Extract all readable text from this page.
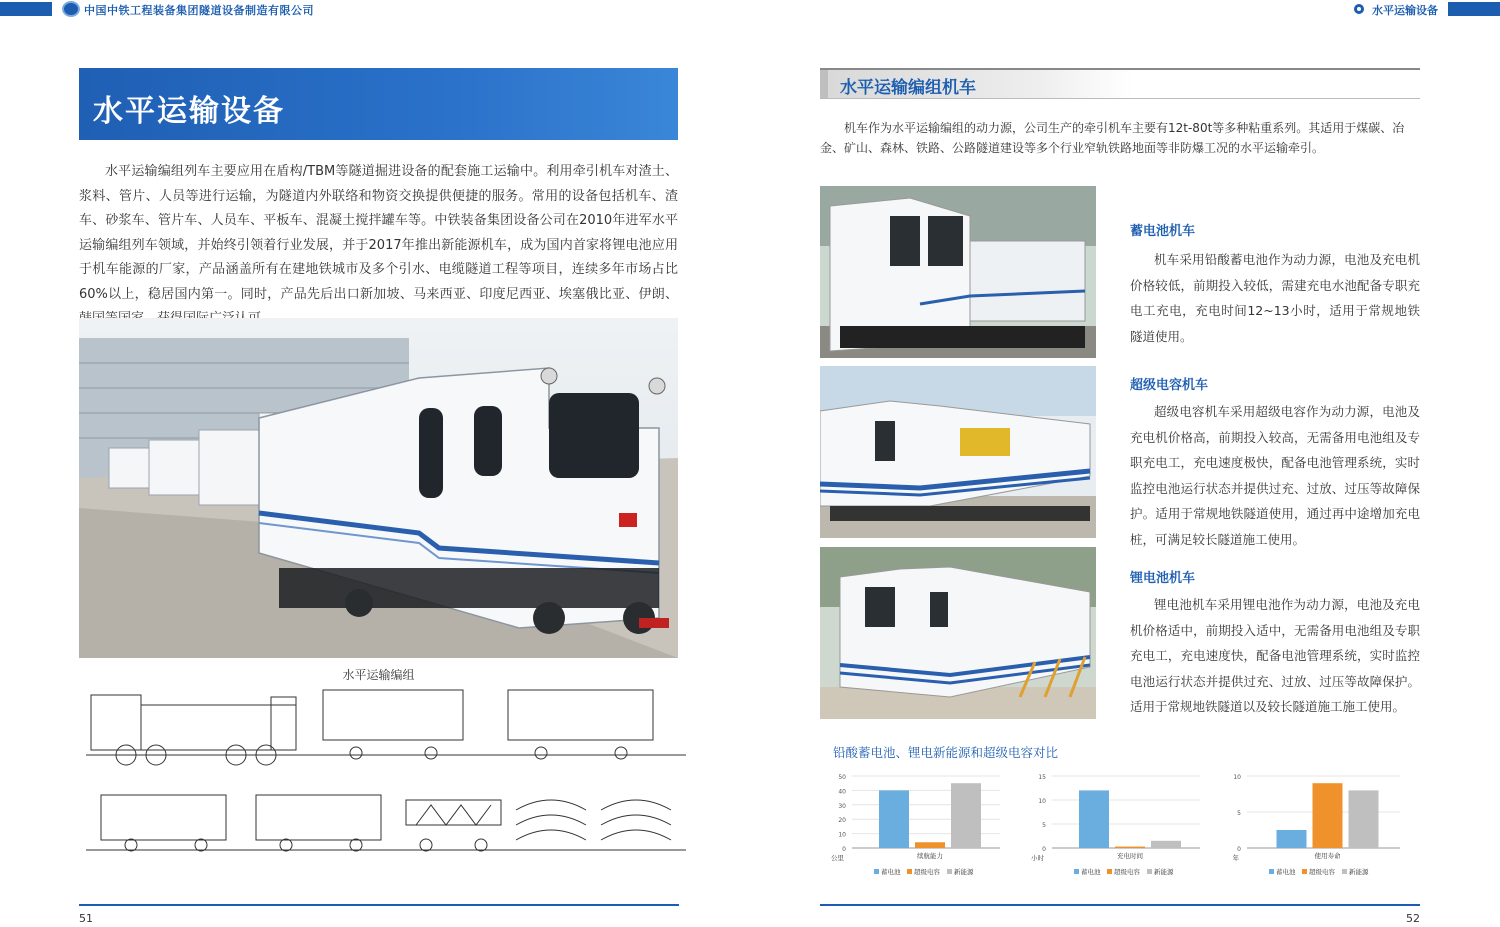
中国中铁工程装备集团隧道设备制造有限公司	水平运输设备
水平运输设备
水平运输编组列车主要应用在盾构/TBM等隧道掘进设备的配套施工运输中。利用牵引机车对渣土、浆料、管片、人员等进行运输，为隧道内外联络和物资交换提供便捷的服务。常用的设备包括机车、渣车、砂浆车、管片车、人员车、平板车、混凝土搅拌罐车等。中铁装备集团设备公司在2010年进军水平运输编组列车领域，并始终引领着行业发展，并于2017年推出新能源机车，成为国内首家将锂电池应用于机车能源的厂家，产品涵盖所有在建地铁城市及多个引水、电缆隧道工程等项目，连续多年市场占比60%以上，稳居国内第一。同时，产品先后出口新加坡、马来西亚、印度尼西亚、埃塞俄比亚、伊朗、
水平运输编组
51
水平运输编组机车
机车作为水平运输编组的动力源，公司生产的牵引机车主要有12t-80t等多种粘重系列。其适用于煤碳、冶金、矿山、森林、铁路、公路隧道建设等多个行业窄轨铁路地面等非防爆工况的水平运输牵引。
蓄电池机车
机车采用铅酸蓄电池作为动力源，电池及充电机价格较低，前期投入较低，需建充电水池配备专职充电工充电，充电时间12~13小时，适用于常规地铁隧道使用。
超级电容机车
超级电容机车采用超级电容作为动力源，电池及充电机价格高，前期投入较高，无需备用电池组及专职充电工，充电速度极快，配备电池管理系统，实时监控电池运行状态并提供过充、过放、过压等故障保护。适用于常规地铁隧道使用，通过再中途增加充电桩，可满足较长隧道施工使用。
锂电池机车
锂电池机车采用锂电池作为动力源，电池及充电机价格适中，前期投入适中，无需备用电池组及专职充电工，充电速度快，配备电池管理系统，实时监控电池运行状态并提供过充、过放、过压等故障保护。适用于常规地铁隧道以及较长隧道施工施工使用。
铅酸蓄电池、锂电新能源和超级电容对比
0
10
20
30
40
50
续航能力
公里
蓄电池 超级电容 新能源
0
5
10
15
充电时间
小时
蓄电池 超级电容 新能源
0
5
10
使用寿命
年
蓄电池 超级电容 新能源
52
